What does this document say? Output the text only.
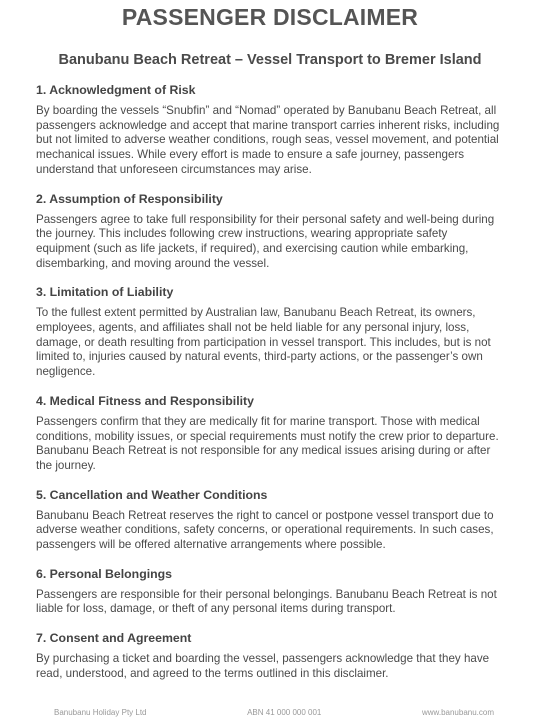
PASSENGER DISCLAIMER
Banubanu Beach Retreat – Vessel Transport to Bremer Island
1. Acknowledgment of Risk

By boarding the vessels “Snubfin” and “Nomad” operated by Banubanu Beach Retreat, all passengers acknowledge and accept that marine transport carries inherent risks, including but not limited to adverse weather conditions, rough seas, vessel movement, and potential mechanical issues. While every effort is made to ensure a safe journey, passengers understand that unforeseen circumstances may arise.

2. Assumption of Responsibility

Passengers agree to take full responsibility for their personal safety and well-being during the journey. This includes following crew instructions, wearing appropriate safety equipment (such as life jackets, if required), and exercising caution while embarking, disembarking, and moving around the vessel.

3. Limitation of Liability

To the fullest extent permitted by Australian law, Banubanu Beach Retreat, its owners, employees, agents, and affiliates shall not be held liable for any personal injury, loss, damage, or death resulting from participation in vessel transport. This includes, but is not limited to, injuries caused by natural events, third-party actions, or the passenger’s own negligence.

4. Medical Fitness and Responsibility

Passengers confirm that they are medically fit for marine transport. Those with medical conditions, mobility issues, or special requirements must notify the crew prior to departure. Banubanu Beach Retreat is not responsible for any medical issues arising during or after the journey.

5. Cancellation and Weather Conditions

Banubanu Beach Retreat reserves the right to cancel or postpone vessel transport due to adverse weather conditions, safety concerns, or operational requirements. In such cases, passengers will be offered alternative arrangements where possible.

6. Personal Belongings

Passengers are responsible for their personal belongings. Banubanu Beach Retreat is not liable for loss, damage, or theft of any personal items during transport.

7. Consent and Agreement

By purchasing a ticket and boarding the vessel, passengers acknowledge that they have read, understood, and agreed to the terms outlined in this disclaimer.

Banubanu Holiday Pty Ltd	ABN 41 000 000 001	www.banubanu.com
